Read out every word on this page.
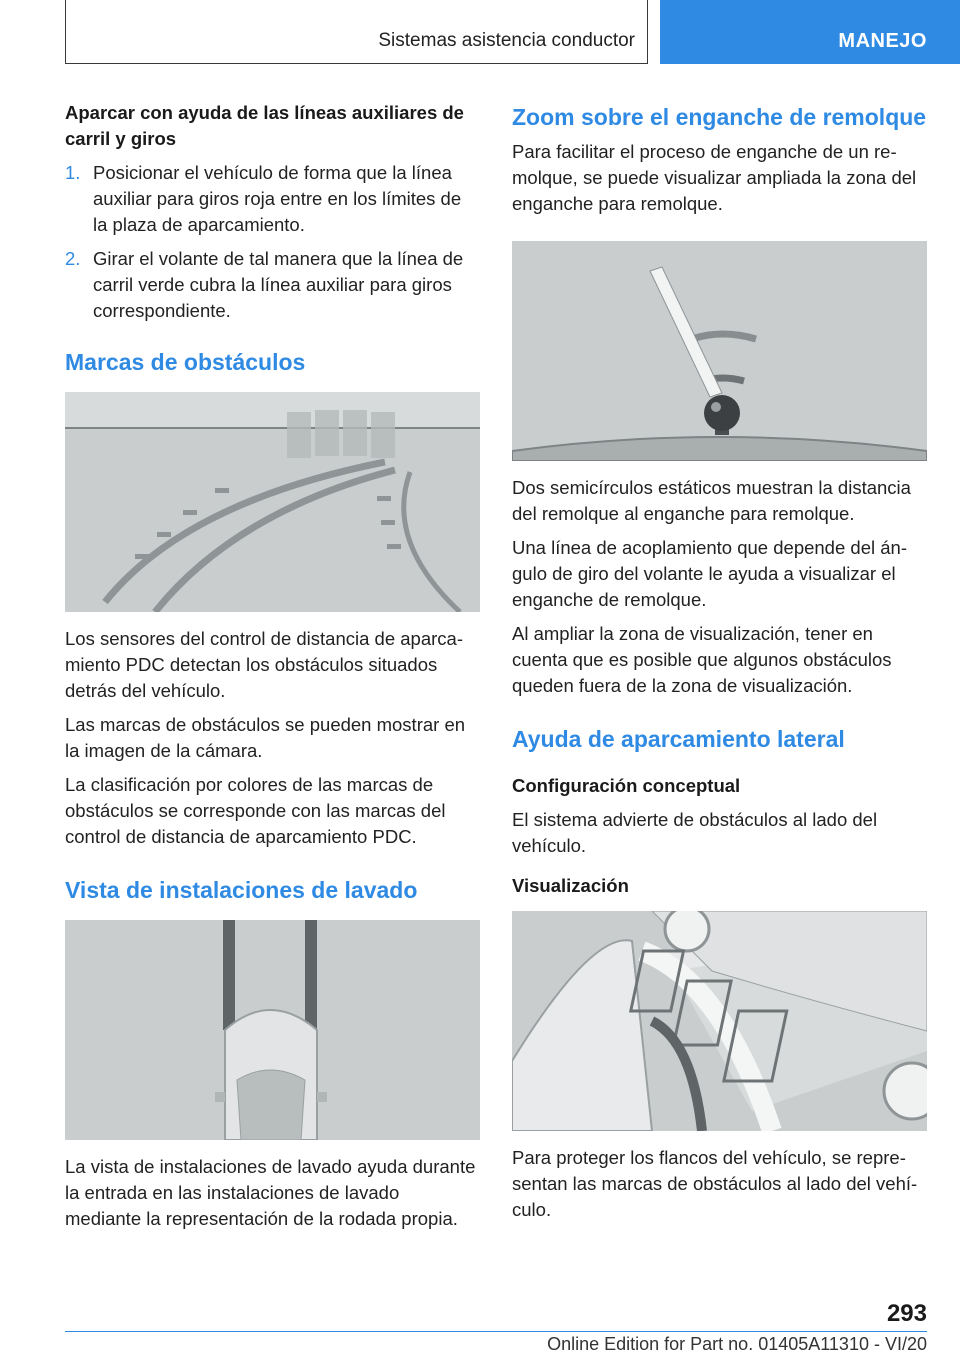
Sistemas asistencia conductor	MANEJO
Aparcar con ayuda de las líneas auxiliares de carril y giros
1. Posicionar el vehículo de forma que la línea auxiliar para giros roja entre en los límites de la plaza de aparcamiento.
2. Girar el volante de tal manera que la línea de carril verde cubra la línea auxiliar para giros correspondiente.
Marcas de obstáculos
Los sensores del control de distancia de aparcamiento PDC detectan los obstáculos situados detrás del vehículo.
Las marcas de obstáculos se pueden mostrar en la imagen de la cámara.
La clasificación por colores de las marcas de obstáculos se corresponde con las marcas del control de distancia de aparcamiento PDC.
Vista de instalaciones de lavado
La vista de instalaciones de lavado ayuda durante la entrada en las instalaciones de lavado mediante la representación de la rodada propia.
Zoom sobre el enganche de remolque
Para facilitar el proceso de enganche de un remolque, se puede visualizar ampliada la zona del enganche para remolque.
Dos semicírculos estáticos muestran la distancia del remolque al enganche para remolque.
Una línea de acoplamiento que depende del ángulo de giro del volante le ayuda a visualizar el enganche de remolque.
Al ampliar la zona de visualización, tener en cuenta que es posible que algunos obstáculos queden fuera de la zona de visualización.
Ayuda de aparcamiento lateral
Configuración conceptual
El sistema advierte de obstáculos al lado del vehículo.
Visualización
Para proteger los flancos del vehículo, se representan las marcas de obstáculos al lado del vehículo.
293
Online Edition for Part no. 01405A11310 - VI/20
